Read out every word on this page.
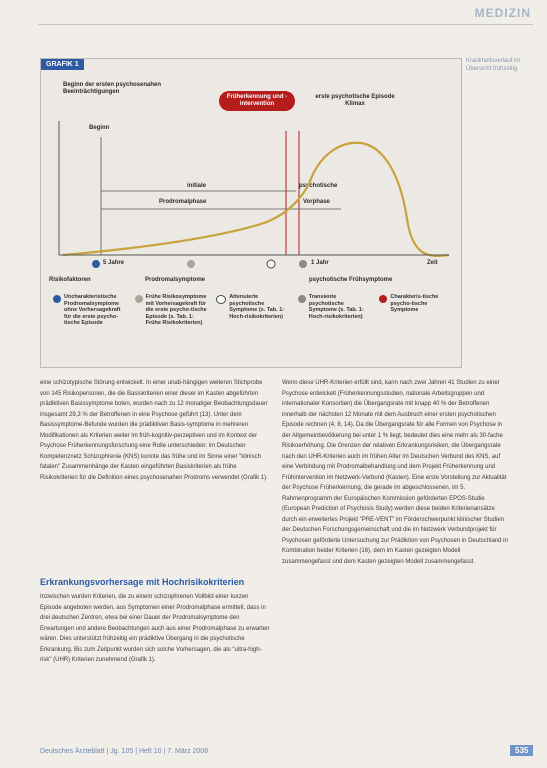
MEDIZIN
Krankheitsverlauf im Übersicht frühzeitig
GRAFIK 1
Beginn der ersten psychosenahen Beeinträchtigungen
Beginn
Früherkennung und -intervention
erste psychotische Episode Klimax
initiale
Prodromalphase
psychotische
Vorphase
5 Jahre	1 Jahr	Zeit
Risikofaktoren	Prodromalsymptome	psychotische Frühsymptome
Uncharakteristische Prodromalsymptome ohne Vorhersagekraft für die erste psycho-tische Episode
Frühe Risikosymptome mit Vorhersagekraft für die erste psycho-tische Episode (s. Tab. 1: Frühe Risikokriterien)
Attenuierte psychotische Symptome (s. Tab. 1: Hoch-risikokriterien)
Transiente psychotische Symptome (s. Tab. 1: Hoch-risikokriterien)
Charakteris-tische psycho-tische Symptome

eine schizotypische Störung entwickelt. In einer unab-hängigen weiteren Stichprobe von 145 Risikopersonen, die die Basiskriterien einer dieser im Kasten abgeführten prädiktiven Basissymptome boten, wurden nach zu 12 monatiger Beobachtungsdauer insgesamt 29,3 % der Betroffenen in eine Psychose geführt (13). Unter dem Basissymptome-Befunde wurden die prädiktiven Basis-symptome in mehreren Modifikationen als Kriterien weiter im früh-kognitiv-perzeptiven und im Kontext der Psychose Früherkennungsforschung eine Rolle unterschieden: im Deutschen Kompetenznetz Schizophrenie (KNS) konnte das frühe und im Sinne einer "klinisch fatalen" Zusammenhänge der Kasten eingeführten Basiskriterien als frühe Risikokriterien für die Definition eines psychosenahen Prodroms verwendet (Grafik 1).

Erkrankungsvorhersage mit Hochrisikokriterien

Inzwischen wurden Kriterien, die zu einem schizophrenen Vollbild einer kurzen Episode angeboten werden, aus Symptomen einer Prodromalphase ermittelt, dass in drei deutschen Zentren, etwa bei einer Dauer der Prodromalsymptome den Erwartungen und andere Beobachtungen auch aus einer Prodromalphase zu erwarten wären. Dies unterstützt frühzeitig ein prädiktive Übergang in die psychotische Erkrankung. Bis zum Zeitpunkt wurden sich solche Vorhersagen, die als "ultra-high-risk" (UHR) Kriterien zunehmend (Grafik 1).

Wenn diese UHR-Kriterien erfüllt sind, kann nach zwei Jahren 41 Studien zu einer Psychose entwickelt (Früherkennungsstudien, nationale Arbeitsgruppen und internationaler Konsortien) die Übergangsrate mit knapp 40 % der Betroffenen innerhalb der nächsten 12 Monate mit dem Ausbruch einer ersten psychotischen Episode rechnen (4, 8, 14). Da die Übergangsrate für alle Formen von Psychose in der Allgemeinbevölkerung bei unter 1 % liegt, bedeutet dies eine mehr als 30-fache Risikoerhöhung. Die Grenzen der relativen Erkrankungsrisiken, die Übergangsrate nach den UHR-Kriterien auch im frühen Alter im Deutschen Verbund des KNS, auf eine Verbindung mit Prodromalbehandlung und dem Projekt Früherkennung und Frühintervention im Netzwerk-Verbund (Kasten). Eine erste Vorstellung zur Aktualität der Psychose Früherkennung, die gerade im abgeschlossenen, im 5. Rahmenprogramm der Europäischen Kommission geförderten EPOS-Studie (European Prediction of Psychosis Study) werden diese beiden Kriterienansätze durch ein erweitertes Projekt "PRE-VENT" im Förderschwerpunkt klinischer Studien der Deutschen Forschungsgemeinschaft und die im Netzwerk Verbundprojekt für Psychosen geförderte Untersuchung zur Prädiktion von Psychosen in Deutschland in Kombination beider Kriterien (16), dem im Kasten gezeigten Modell zusammengefasst und dem Kasten gezeigten Modell zusammengefasst.

Deutsches Ärzteblatt | Jg. 105 | Heft 10 | 7. März 2008	535
